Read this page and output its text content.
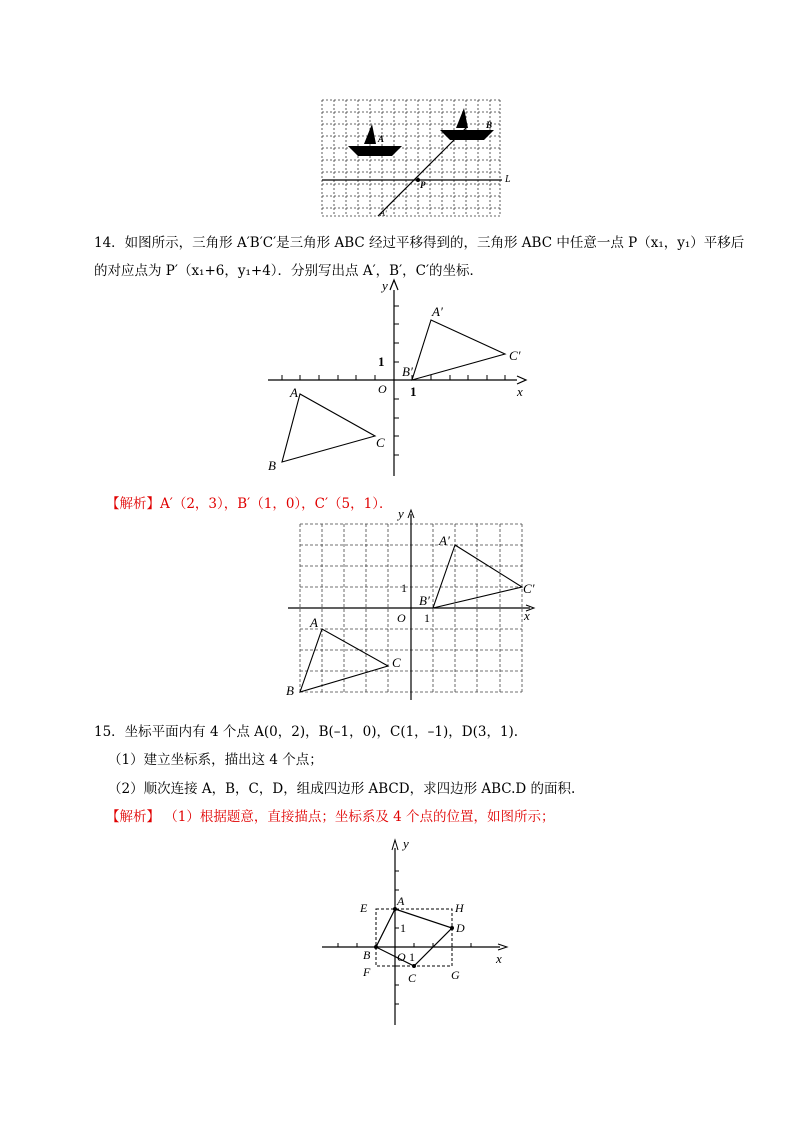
A
B
P	L
A'
14．如图所示，三角形 A′B′C′是三角形 ABC 经过平移得到的，三角形 ABC 中任意一点 P（x₁，y₁）平移后
的对应点为 P′（x₁+6，y₁+4）．分别写出点 A′，B′，C′的坐标．
y
x
O 1
1
A
B
C
A′
B′
C′
【解析】A′（2，3），B′（1，0），C′（5，1）．
y
x
O 1
1
A
B
C
A′
B′
C′
15．坐标平面内有 4 个点 A(0，2)，B(–1，0)，C(1，–1)，D(3，1).
（1）建立坐标系，描出这 4 个点；
（2）顺次连接 A，B，C，D，组成四边形 ABCD，求四边形 ABC.D 的面积.
【解析】 （1）根据题意，直接描点；坐标系及 4 个点的位置，如图所示；
y
x
O 1
1
A
B
C
D
E
F	G
H
